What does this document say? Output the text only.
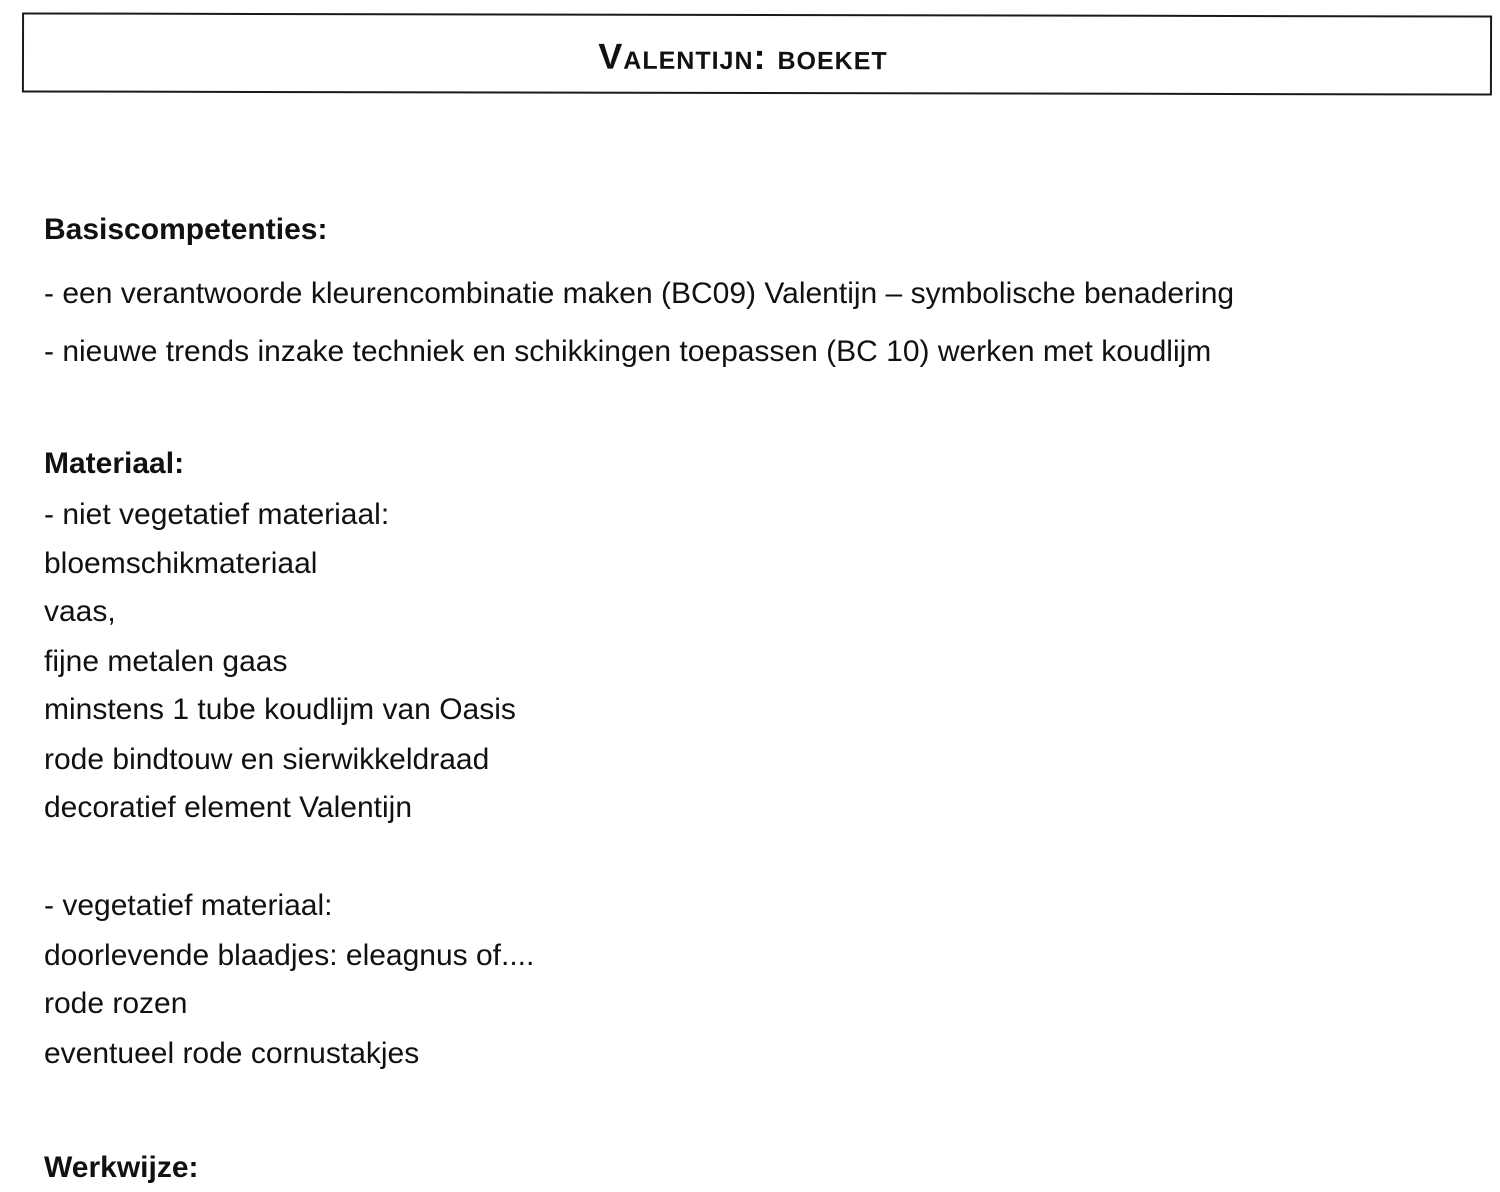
Valentijn: boeket
Basiscompetenties:
- een verantwoorde kleurencombinatie maken (BC09) Valentijn – symbolische benadering
- nieuwe trends inzake techniek en schikkingen toepassen (BC 10) werken met koudlijm
Materiaal:
- niet vegetatief materiaal:
bloemschikmateriaal
vaas,
fijne metalen gaas
minstens 1 tube koudlijm van Oasis
rode bindtouw en sierwikkeldraad
decoratief element Valentijn
- vegetatief materiaal:
doorlevende blaadjes: eleagnus of....
rode rozen
eventueel rode cornustakjes
Werkwijze:
